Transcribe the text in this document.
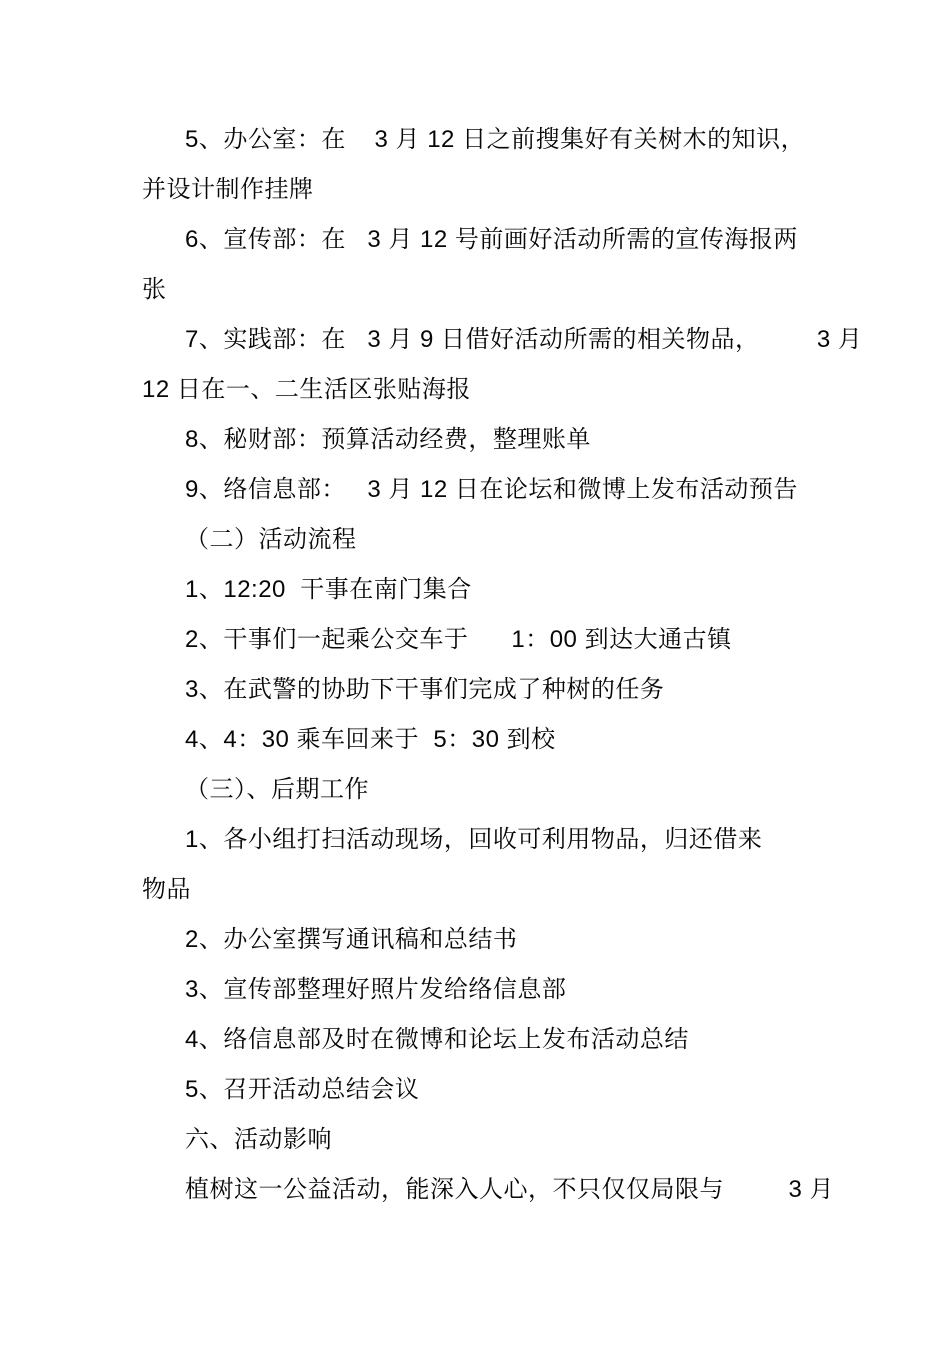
5、办公室：在    3 月 12 日之前搜集好有关树木的知识，
并设计制作挂牌
6、宣传部：在   3 月 12 号前画好活动所需的宣传海报两
张
7、实践部：在   3 月 9 日借好活动所需的相关物品，        3 月
12 日在一、二生活区张贴海报
8、秘财部：预算活动经费，整理账单
9、络信息部：   3 月 12 日在论坛和微博上发布活动预告
（二）活动流程
1、12:20  干事在南门集合
2、干事们一起乘公交车于      1：00 到达大通古镇
3、在武警的协助下干事们完成了种树的任务
4、4：30 乘车回来于  5：30 到校
（三）、后期工作
1、各小组打扫活动现场，回收可利用物品，归还借来
物品
2、办公室撰写通讯稿和总结书
3、宣传部整理好照片发给络信息部
4、络信息部及时在微博和论坛上发布活动总结
5、召开活动总结会议
六、活动影响
植树这一公益活动，能深入人心，不只仅仅局限与         3 月
